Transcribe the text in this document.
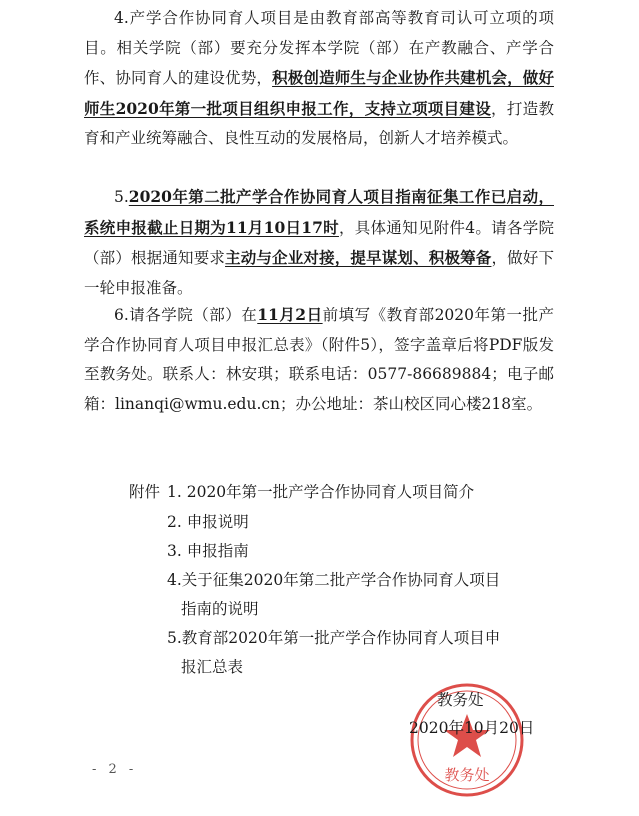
4.产学合作协同育人项目是由教育部高等教育司认可立项的项目。相关学院（部）要充分发挥本学院（部）在产教融合、产学合作、协同育人的建设优势，积极创造师生与企业协作共建机会，做好师生2020年第一批项目组织申报工作，支持立项项目建设，打造教育和产业统筹融合、良性互动的发展格局，创新人才培养模式。

5.2020年第二批产学合作协同育人项目指南征集工作已启动，系统申报截止日期为11月10日17时，具体通知见附件4。请各学院（部）根据通知要求主动与企业对接，提早谋划、积极筹备，做好下一轮申报准备。

6.请各学院（部）在11月2日前填写《教育部2020年第一批产学合作协同育人项目申报汇总表》（附件5），签字盖章后将PDF版发至教务处。联系人：林安琪；联系电话：0577-86689884；电子邮箱：linanqi@wmu.edu.cn；办公地址：茶山校区同心楼218室。

附件 1. 2020年第一批产学合作协同育人项目简介
2. 申报说明
3. 申报指南
4.关于征集2020年第二批产学合作协同育人项目
指南的说明
5.教育部2020年第一批产学合作协同育人项目申
报汇总表
教务处
教务处
2020年10月20日
- 2 -
